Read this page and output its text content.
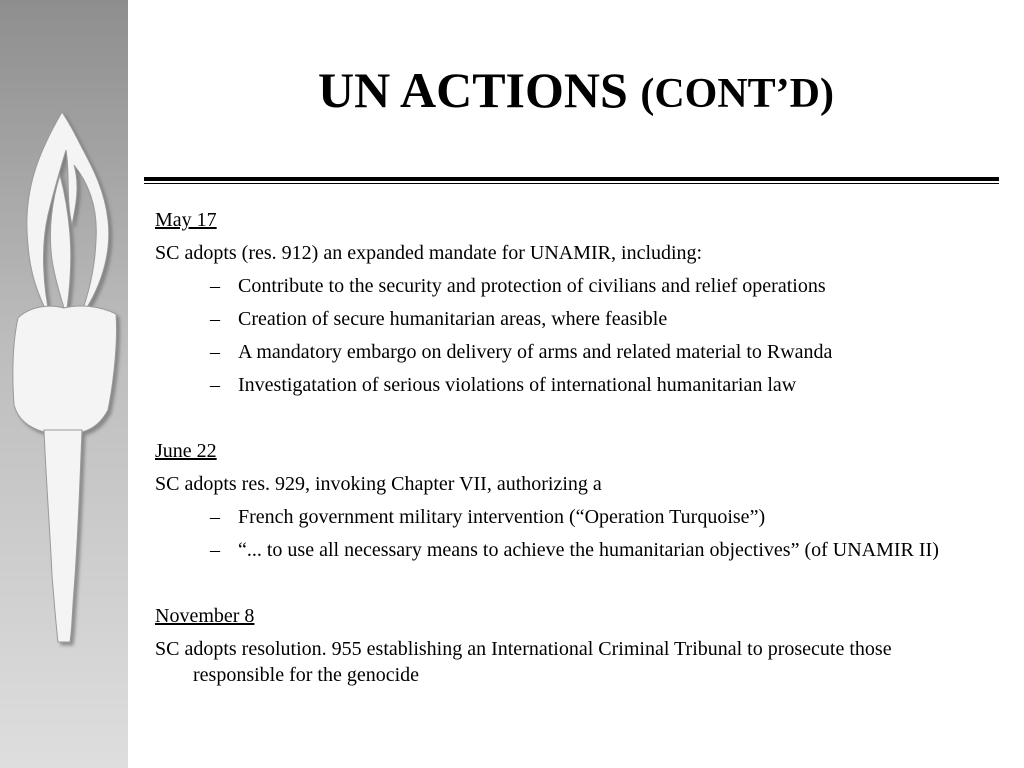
UN ACTIONS (CONT’D)
May 17
SC adopts (res. 912) an expanded mandate for UNAMIR, including:
– Contribute to the security and protection of civilians and relief operations
– Creation of secure humanitarian areas, where feasible
– A mandatory embargo on delivery of arms and related material to Rwanda
– Investigatation of serious violations of international humanitarian law
June 22
SC adopts res. 929, invoking Chapter VII, authorizing a
– French government military intervention (“Operation Turquoise”)
– “... to use all necessary means to achieve the humanitarian objectives” (of UNAMIR II)
November 8
SC adopts resolution. 955 establishing an International Criminal Tribunal to prosecute those responsible for the genocide
